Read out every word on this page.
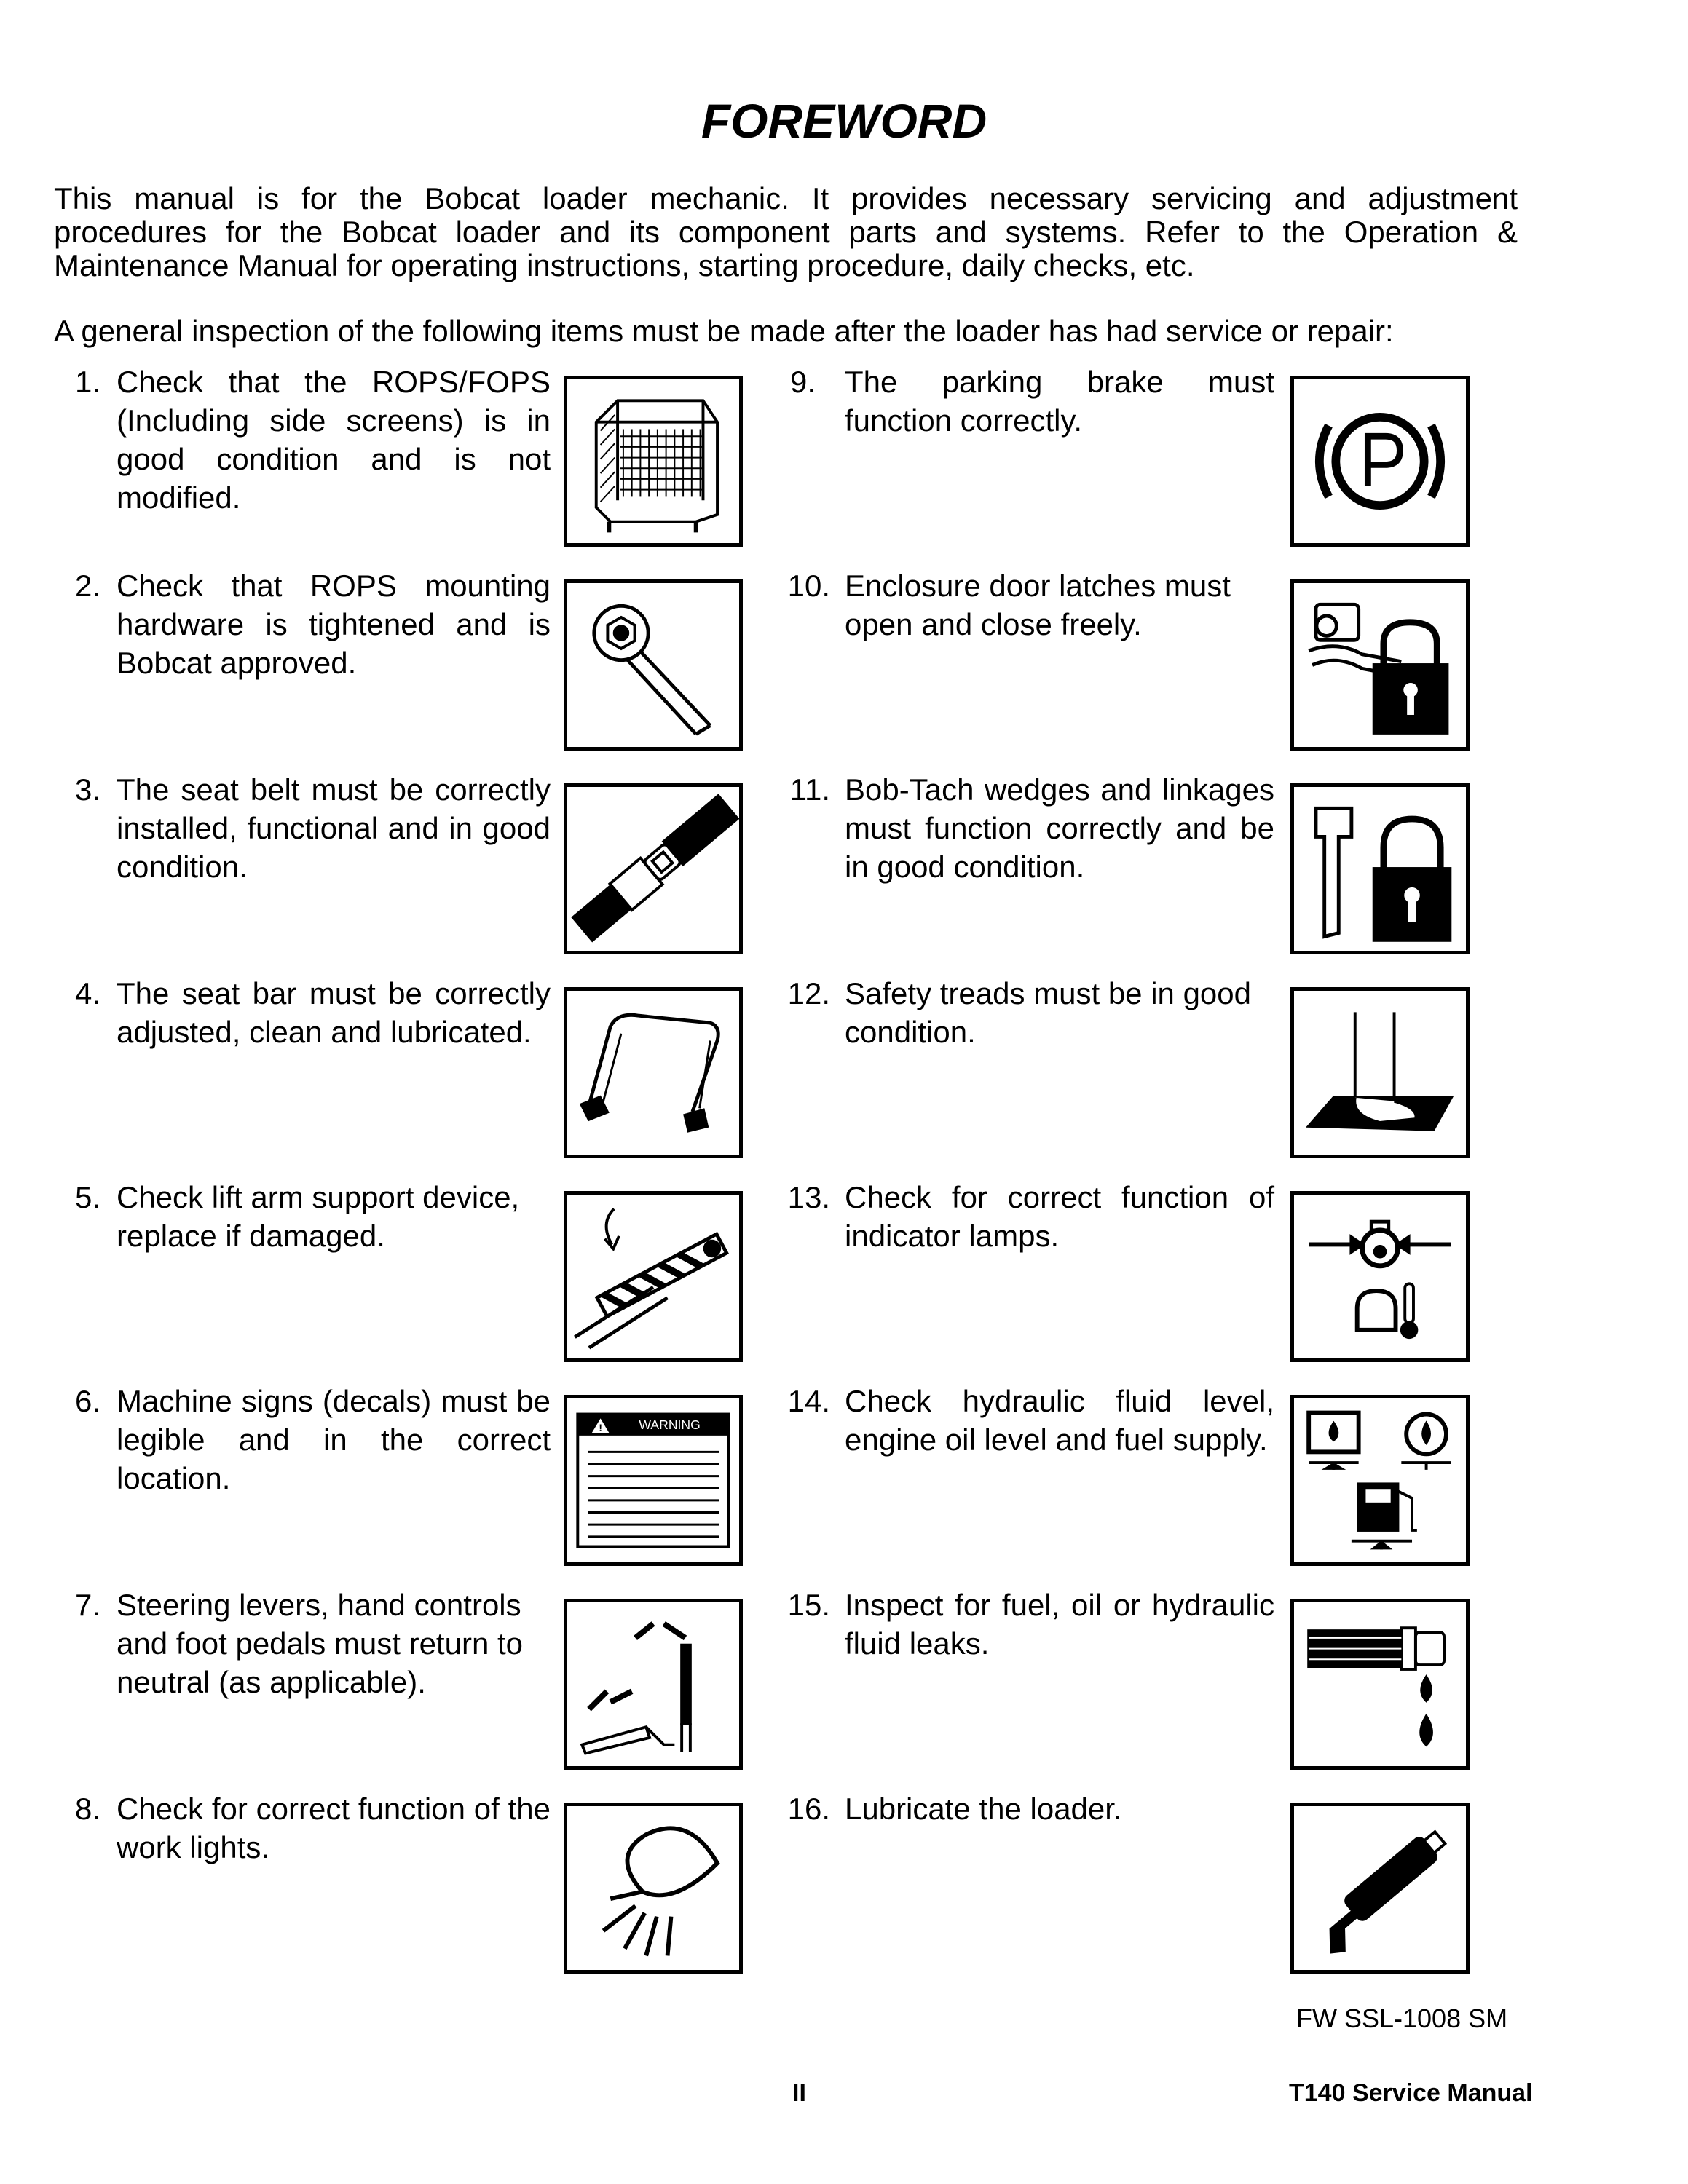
FOREWORD
This manual is for the Bobcat loader mechanic. It provides necessary servicing and adjustment
procedures for the Bobcat loader and its component parts and systems. Refer to the Operation &
Maintenance Manual for operating instructions, starting procedure, daily checks, etc.
A general inspection of the following items must be made after the loader has had service or repair:
1. Check that the ROPS/FOPS (Including side screens) is in good condition and is not modified.
2. Check that ROPS mounting hardware is tightened and is Bobcat approved.
3. The seat belt must be correctly installed, functional and in good condition.
4. The seat bar must be correctly adjusted, clean and lubricated.
5. Check lift arm support device, replace if damaged.
6. Machine signs (decals) must be legible and in the correct location.
7. Steering levers, hand controls and foot pedals must return to neutral (as applicable).
8. Check for correct function of the work lights.
9. The parking brake must function correctly.
10. Enclosure door latches must open and close freely.
11. Bob-Tach wedges and linkages must function correctly and be in good condition.
12. Safety treads must be in good condition.
13. Check for correct function of indicator lamps.
14. Check hydraulic fluid level, engine oil level and fuel supply.
15. Inspect for fuel, oil or hydraulic fluid leaks.
16. Lubricate the loader.
!	WARNING
FW SSL-1008 SM
II	T140 Service Manual
